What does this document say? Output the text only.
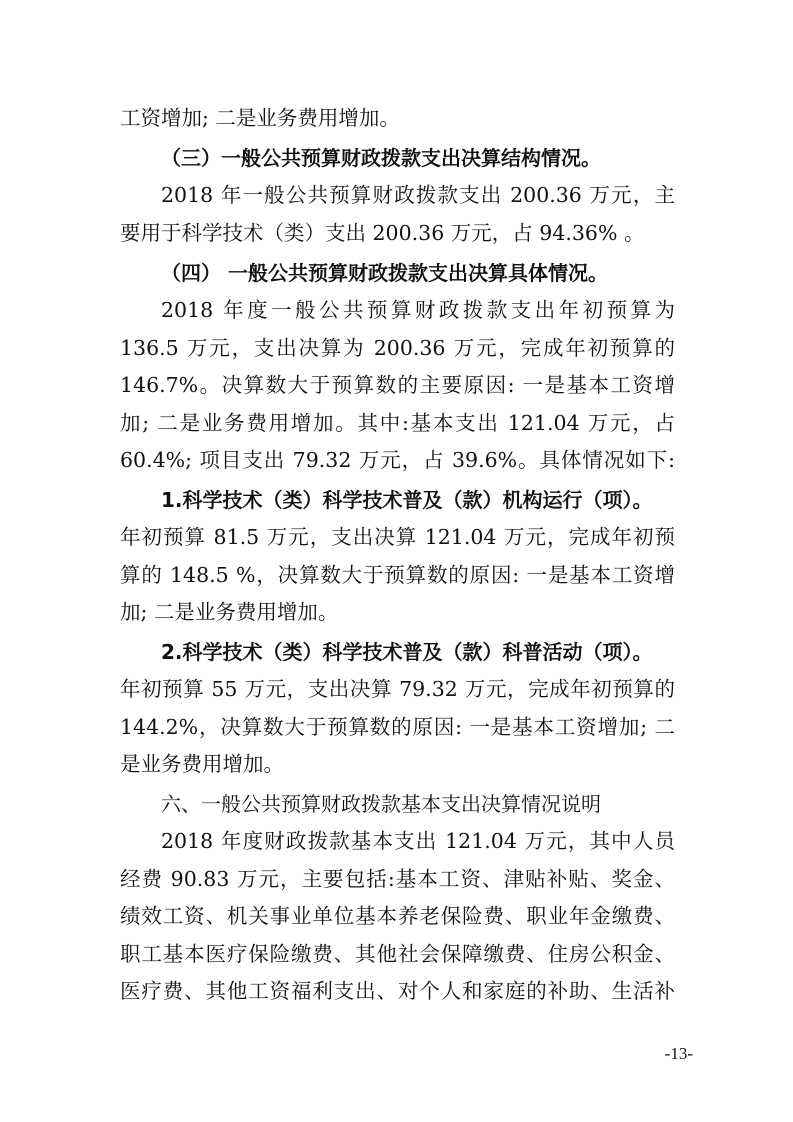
工资增加; 二是业务费用增加。
（三）一般公共预算财政拨款支出决算结构情况。
2018 年一般公共预算财政拨款支出 200.36 万元，主
要用于科学技术（类）支出 200.36 万元，占 94.36% 。
（四） 一般公共预算财政拨款支出决算具体情况。
2018 年度一般公共预算财政拨款支出年初预算为
136.5 万元，支出决算为 200.36 万元，完成年初预算的
146.7%。决算数大于预算数的主要原因: 一是基本工资增
加; 二是业务费用增加。其中:基本支出 121.04 万元，占
60.4%; 项目支出 79.32 万元，占 39.6%。具体情况如下:
1.科学技术（类）科学技术普及（款）机构运行（项）。
年初预算 81.5 万元，支出决算 121.04 万元，完成年初预
算的 148.5 %，决算数大于预算数的原因: 一是基本工资增
加; 二是业务费用增加。
2.科学技术（类）科学技术普及（款）科普活动（项）。
年初预算 55 万元，支出决算 79.32 万元，完成年初预算的
144.2%，决算数大于预算数的原因: 一是基本工资增加; 二
是业务费用增加。
六、一般公共预算财政拨款基本支出决算情况说明
2018 年度财政拨款基本支出 121.04 万元，其中人员
经费 90.83 万元，主要包括:基本工资、津贴补贴、奖金、
绩效工资、机关事业单位基本养老保险费、职业年金缴费、
职工基本医疗保险缴费、其他社会保障缴费、住房公积金、
医疗费、其他工资福利支出、对个人和家庭的补助、生活补
-13-
